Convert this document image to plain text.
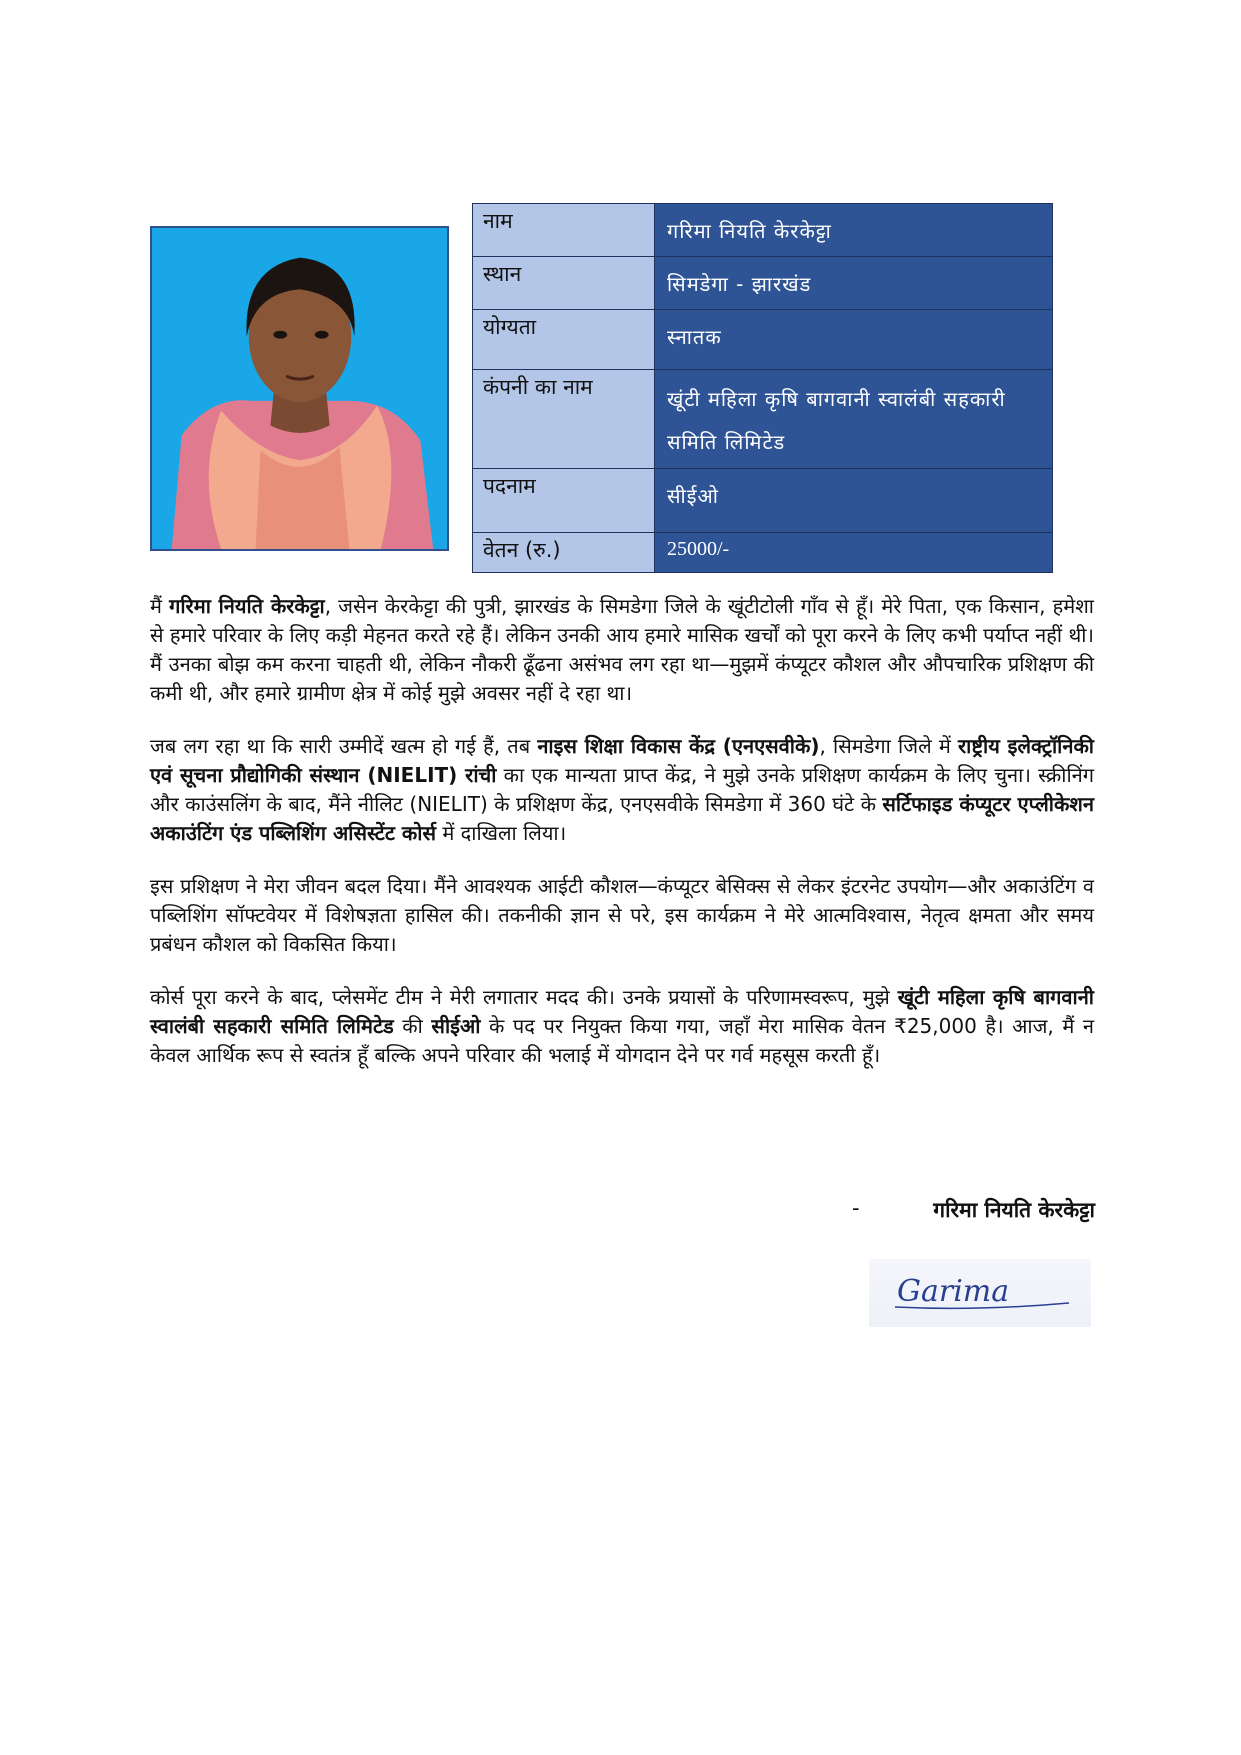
नाम	गरिमा नियति केरकेट्टा
स्थान	सिमडेगा - झारखंड
योग्यता	स्नातक
कंपनी का नाम	खूंटी महिला कृषि बागवानी स्वालंबी सहकारी समिति लिमिटेड
पदनाम	सीईओ
वेतन (रु.)	25000/-

मैं गरिमा नियति केरकेट्टा, जसेन केरकेट्टा की पुत्री, झारखंड के सिमडेगा जिले के खूंटीटोली गाँव से हूँ। मेरे पिता, एक किसान, हमेशा से हमारे परिवार के लिए कड़ी मेहनत करते रहे हैं। लेकिन उनकी आय हमारे मासिक खर्चों को पूरा करने के लिए कभी पर्याप्त नहीं थी। मैं उनका बोझ कम करना चाहती थी, लेकिन नौकरी ढूँढना असंभव लग रहा था—मुझमें कंप्यूटर कौशल और औपचारिक प्रशिक्षण की कमी थी, और हमारे ग्रामीण क्षेत्र में कोई मुझे अवसर नहीं दे रहा था।

जब लग रहा था कि सारी उम्मीदें खत्म हो गई हैं, तब नाइस शिक्षा विकास केंद्र (एनएसवीके), सिमडेगा जिले में राष्ट्रीय इलेक्ट्रॉनिकी एवं सूचना प्रौद्योगिकी संस्थान (NIELIT) रांची का एक मान्यता प्राप्त केंद्र, ने मुझे उनके प्रशिक्षण कार्यक्रम के लिए चुना। स्क्रीनिंग और काउंसलिंग के बाद, मैंने नीलिट (NIELIT) के प्रशिक्षण केंद्र, एनएसवीके सिमडेगा में 360 घंटे के सर्टिफाइड कंप्यूटर एप्लीकेशन अकाउंटिंग एंड पब्लिशिंग असिस्टेंट कोर्स में दाखिला लिया।

इस प्रशिक्षण ने मेरा जीवन बदल दिया। मैंने आवश्यक आईटी कौशल—कंप्यूटर बेसिक्स से लेकर इंटरनेट उपयोग—और अकाउंटिंग व पब्लिशिंग सॉफ्टवेयर में विशेषज्ञता हासिल की। तकनीकी ज्ञान से परे, इस कार्यक्रम ने मेरे आत्मविश्वास, नेतृत्व क्षमता और समय प्रबंधन कौशल को विकसित किया।

कोर्स पूरा करने के बाद, प्लेसमेंट टीम ने मेरी लगातार मदद की। उनके प्रयासों के परिणामस्वरूप, मुझे खूंटी महिला कृषि बागवानी स्वालंबी सहकारी समिति लिमिटेड की सीईओ के पद पर नियुक्त किया गया, जहाँ मेरा मासिक वेतन ₹25,000 है। आज, मैं न केवल आर्थिक रूप से स्वतंत्र हूँ बल्कि अपने परिवार की भलाई में योगदान देने पर गर्व महसूस करती हूँ।

-	गरिमा नियति केरकेट्टा
Garima
